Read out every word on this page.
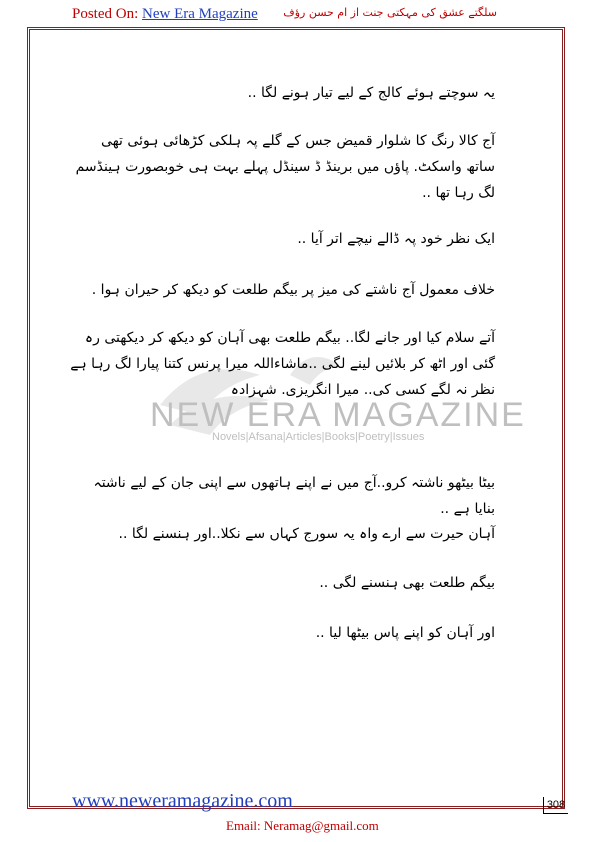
Posted On: New Era Magazine سلگتے عشق کی مہکتی جنت از ام حسن رؤف
NEW ERA MAGAZINE
Novels|Afsana|Articles|Books|Poetry|Issues

یہ سوچتے ہوئے کالج کے لیے تیار ہونے لگا ..

آج کالا رنگ کا شلوار قمیض جس کے گلے پہ ہلکی کڑھائی ہوئی تھی ساتھ واسکٹ. پاؤں میں برینڈ ڈ سینڈل پہلے بہت ہی خوبصورت ہینڈسم لگ رہا تھا ..

ایک نظر خود پہ ڈالے نیچے اتر آیا ..

خلاف معمول آج ناشتے کی میز پر بیگم طلعت کو دیکھ کر حیران ہوا .

آتے سلام کیا اور جانے لگا.. بیگم طلعت بھی آہان کو دیکھ کر دیکھتی رہ گئی اور اٹھ کر بلائیں لینے لگی ..ماشاءاللہ میرا پرنس کتنا پیارا لگ رہا ہے نظر نہ لگے کسی کی.. میرا انگریزی. شہزادہ

بیٹا بیٹھو ناشتہ کرو..آج میں نے اپنے ہاتھوں سے اپنی جان کے لیے ناشتہ بنایا ہے ..

آہان حیرت سے ارے واہ یہ سورج کہاں سے نکلا..اور ہنسنے لگا ..

بیگم طلعت بھی ہنسنے لگی ..

اور آہان کو اپنے پاس بیٹھا لیا ..

www.neweramagazine.com	308
Email: Neramag@gmail.com
